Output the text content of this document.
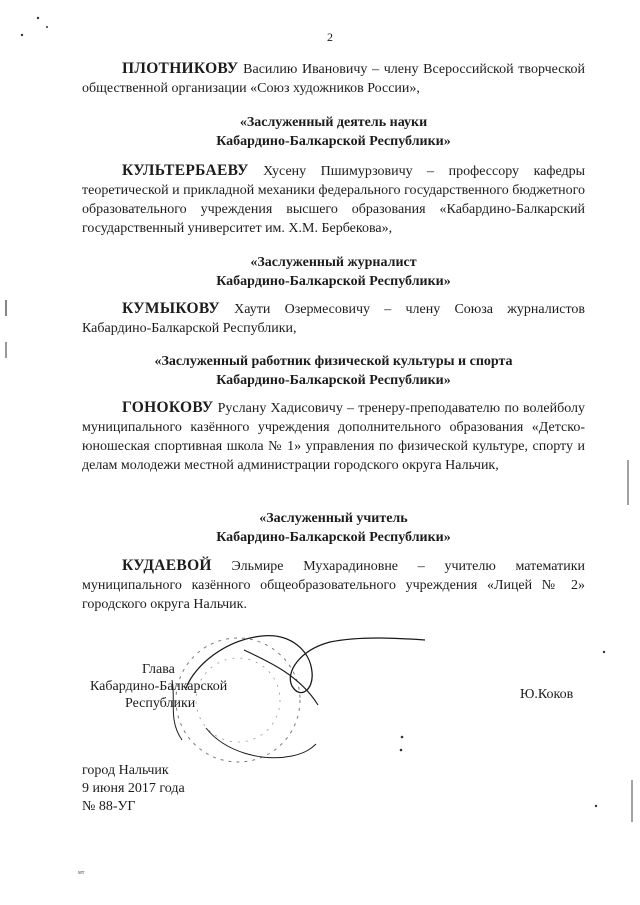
2
ПЛОТНИКОВУ Василию Ивановичу – члену Всероссийской творческой общественной организации «Союз художников России»,
«Заслуженный деятель науки
Кабардино-Балкарской Республики»
КУЛЬТЕРБАЕВУ Хусену Пшимурзовичу – профессору кафедры теоретической и прикладной механики федерального государственного бюджетного образовательного учреждения высшего образования «Кабардино-Балкарский государственный университет им. Х.М. Бербекова»,
«Заслуженный журналист
Кабардино-Балкарской Республики»
КУМЫКОВУ Хаути Озермесовичу – члену Союза журналистов Кабардино-Балкарской Республики,
«Заслуженный работник физической культуры и спорта
Кабардино-Балкарской Республики»
ГОНОКОВУ Руслану Хадисовичу – тренеру-преподавателю по волейболу муниципального казённого учреждения дополнительного образования «Детско-юношеская спортивная школа № 1» управления по физической культуре, спорту и делам молодежи местной администрации городского округа Нальчик,
«Заслуженный учитель
Кабардино-Балкарской Республики»
КУДАЕВОЙ Эльмире Мухарадиновне – учителю математики муниципального казённого общеобразовательного учреждения «Лицей № 2» городского округа Нальчик.
Глава
Кабардино-Балкарской
Республики
Ю.Коков
город Нальчик
9 июня 2017 года
№ 88-УГ
мт
